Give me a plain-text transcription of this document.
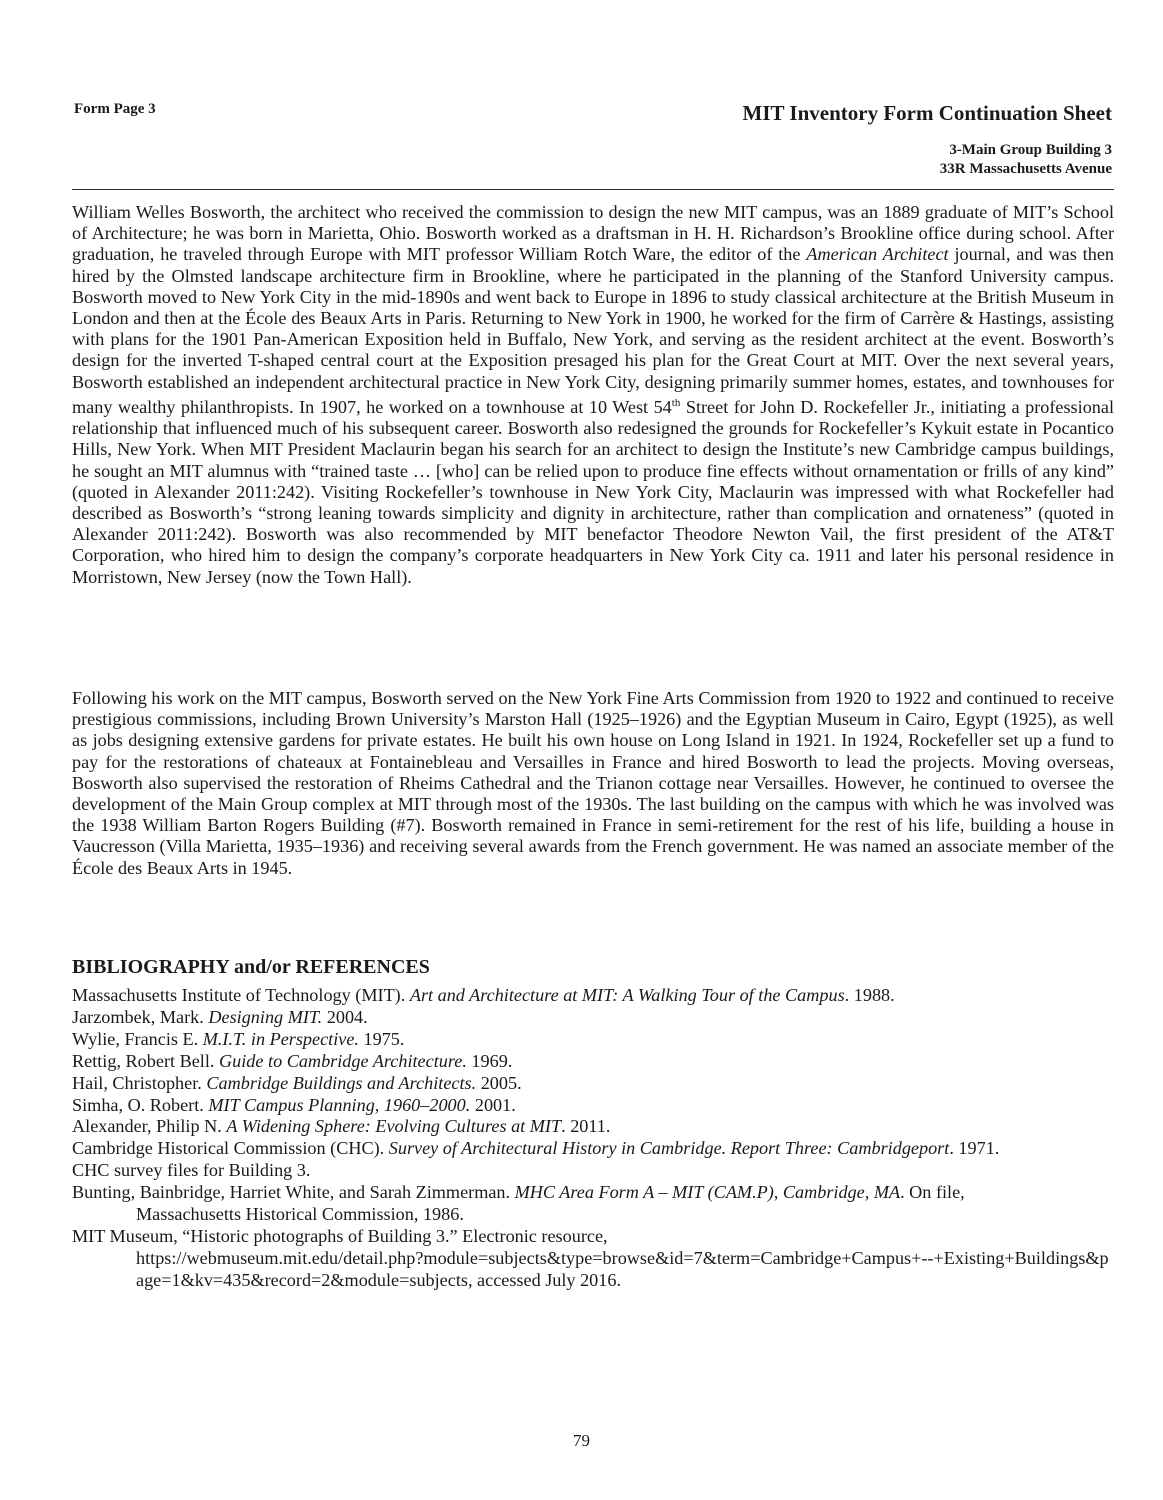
Form Page 3	MIT Inventory Form Continuation Sheet
3-Main Group Building 3
33R Massachusetts Avenue

William Welles Bosworth, the architect who received the commission to design the new MIT campus, was an 1889 graduate of MIT’s School of Architecture; he was born in Marietta, Ohio. Bosworth worked as a draftsman in H. H. Richardson’s Brookline office during school. After graduation, he traveled through Europe with MIT professor William Rotch Ware, the editor of the American Architect journal, and was then hired by the Olmsted landscape architecture firm in Brookline, where he participated in the planning of the Stanford University campus. Bosworth moved to New York City in the mid-1890s and went back to Europe in 1896 to study classical architecture at the British Museum in London and then at the École des Beaux Arts in Paris. Returning to New York in 1900, he worked for the firm of Carrère & Hastings, assisting with plans for the 1901 Pan-American Exposition held in Buffalo, New York, and serving as the resident architect at the event. Bosworth’s design for the inverted T-shaped central court at the Exposition presaged his plan for the Great Court at MIT. Over the next several years, Bosworth established an independent architectural practice in New York City, designing primarily summer homes, estates, and townhouses for many wealthy philanthropists. In 1907, he worked on a townhouse at 10 West 54th Street for John D. Rockefeller Jr., initiating a professional relationship that influenced much of his subsequent career. Bosworth also redesigned the grounds for Rockefeller’s Kykuit estate in Pocantico Hills, New York. When MIT President Maclaurin began his search for an architect to design the Institute’s new Cambridge campus buildings, he sought an MIT alumnus with “trained taste … [who] can be relied upon to produce fine effects without ornamentation or frills of any kind” (quoted in Alexander 2011:242). Visiting Rockefeller’s townhouse in New York City, Maclaurin was impressed with what Rockefeller had described as Bosworth’s “strong leaning towards simplicity and dignity in architecture, rather than complication and ornateness” (quoted in Alexander 2011:242). Bosworth was also recommended by MIT benefactor Theodore Newton Vail, the first president of the AT&T Corporation, who hired him to design the company’s corporate headquarters in New York City ca. 1911 and later his personal residence in Morristown, New Jersey (now the Town Hall).

Following his work on the MIT campus, Bosworth served on the New York Fine Arts Commission from 1920 to 1922 and continued to receive prestigious commissions, including Brown University’s Marston Hall (1925–1926) and the Egyptian Museum in Cairo, Egypt (1925), as well as jobs designing extensive gardens for private estates. He built his own house on Long Island in 1921. In 1924, Rockefeller set up a fund to pay for the restorations of chateaux at Fontainebleau and Versailles in France and hired Bosworth to lead the projects. Moving overseas, Bosworth also supervised the restoration of Rheims Cathedral and the Trianon cottage near Versailles. However, he continued to oversee the development of the Main Group complex at MIT through most of the 1930s. The last building on the campus with which he was involved was the 1938 William Barton Rogers Building (#7). Bosworth remained in France in semi-retirement for the rest of his life, building a house in Vaucresson (Villa Marietta, 1935–1936) and receiving several awards from the French government. He was named an associate member of the École des Beaux Arts in 1945.

BIBLIOGRAPHY and/or REFERENCES
Massachusetts Institute of Technology (MIT). Art and Architecture at MIT: A Walking Tour of the Campus. 1988.
Jarzombek, Mark. Designing MIT. 2004.
Wylie, Francis E. M.I.T. in Perspective. 1975.
Rettig, Robert Bell. Guide to Cambridge Architecture. 1969.
Hail, Christopher. Cambridge Buildings and Architects. 2005.
Simha, O. Robert. MIT Campus Planning, 1960–2000. 2001.
Alexander, Philip N. A Widening Sphere: Evolving Cultures at MIT. 2011.
Cambridge Historical Commission (CHC). Survey of Architectural History in Cambridge. Report Three: Cambridgeport. 1971.
CHC survey files for Building 3.
Bunting, Bainbridge, Harriet White, and Sarah Zimmerman. MHC Area Form A – MIT (CAM.P), Cambridge, MA. On file,
Massachusetts Historical Commission, 1986.
MIT Museum, “Historic photographs of Building 3.” Electronic resource,
https://webmuseum.mit.edu/detail.php?module=subjects&type=browse&id=7&term=Cambridge+Campus+--+Existing+Buildings&page=1&kv=435&record=2&module=subjects, accessed July 2016.
79
